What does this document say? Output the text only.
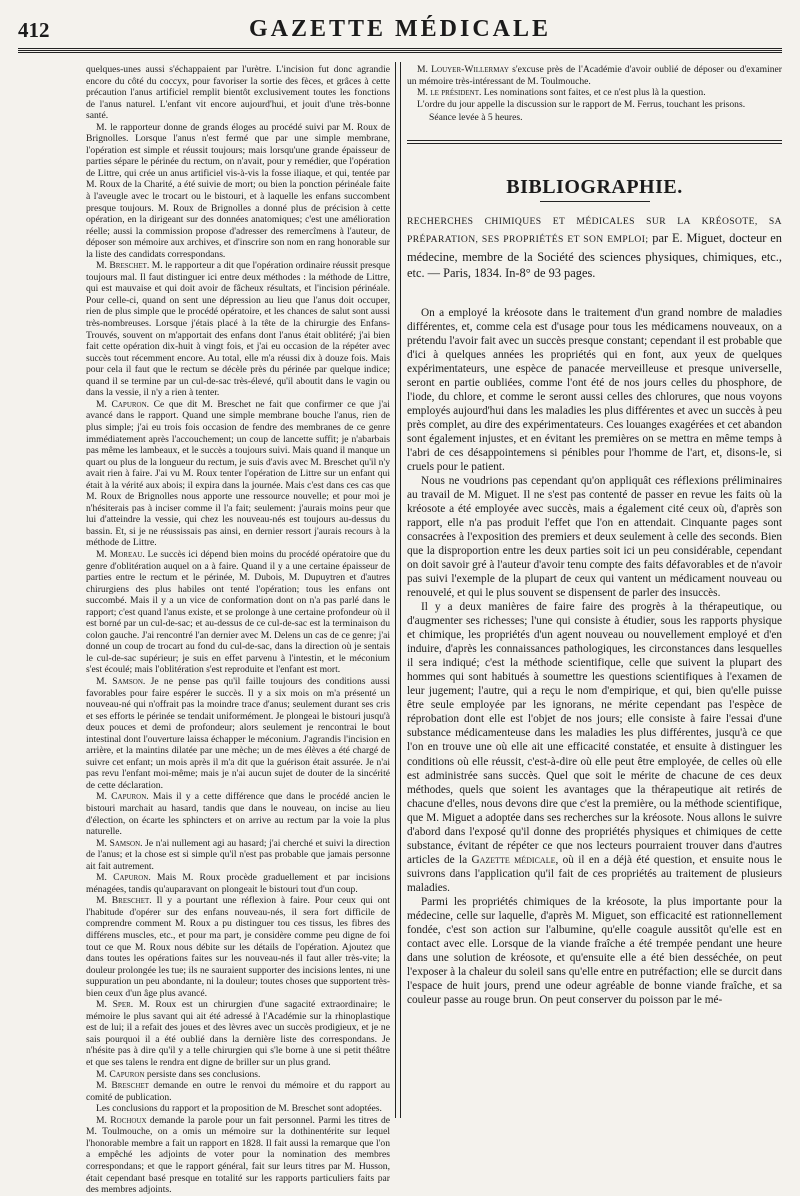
412	GAZETTE MÉDICALE

quelques-unes aussi s'échappaient par l'urètre. L'incision fut donc agrandie encore du côté du coccyx, pour favoriser la sortie des fèces, et grâces à cette précaution l'anus artificiel remplit bientôt exclusivement toutes les fonctions de l'anus naturel. L'enfant vit encore aujourd'hui, et jouit d'une très-bonne santé.

M. le rapporteur donne de grands éloges au procédé suivi par M. Roux de Brignolles. Lorsque l'anus n'est fermé que par une simple membrane, l'opération est simple et réussit toujours; mais lorsqu'une grande épaisseur de parties sépare le périnée du rectum, on n'avait, pour y remédier, que l'opération de Littre, qui crée un anus artificiel vis-à-vis la fosse iliaque, et qui, tentée par M. Roux de la Charité, a été suivie de mort; ou bien la ponction périnéale faite à l'aveugle avec le trocart ou le bistouri, et à laquelle les enfans succombent presque toujours. M. Roux de Brignolles a donné plus de précision à cette opération, en la dirigeant sur des données anatomiques; c'est une amélioration réelle; aussi la commission propose d'adresser des remercîmens à l'auteur, de déposer son mémoire aux archives, et d'inscrire son nom en rang honorable sur la liste des candidats correspondans.

M. Breschet. M. le rapporteur a dit que l'opération ordinaire réussit presque toujours mal. Il faut distinguer ici entre deux méthodes : la méthode de Littre, qui est mauvaise et qui doit avoir de fâcheux résultats, et l'incision périnéale. Pour celle-ci, quand on sent une dépression au lieu que l'anus doit occuper, rien de plus simple que le procédé opératoire, et les chances de salut sont aussi très-nombreuses. Lorsque j'étais placé à la tête de la chirurgie des Enfans-Trouvés, souvent on m'apportait des enfans dont l'anus était oblitéré; j'ai bien fait cette opération dix-huit à vingt fois, et j'ai eu occasion de la répéter avec succès tout récemment encore. Au total, elle m'a réussi dix à douze fois. Mais pour cela il faut que le rectum se décèle près du périnée par quelque indice; quand il se termine par un cul-de-sac très-élevé, qu'il aboutit dans le vagin ou dans la vessie, il n'y a rien à tenter.

M. Capuron. Ce que dit M. Breschet ne fait que confirmer ce que j'ai avancé dans le rapport. Quand une simple membrane bouche l'anus, rien de plus simple; j'ai eu trois fois occasion de fendre des membranes de ce genre immédiatement après l'accouchement; un coup de lancette suffit; je n'abarbais pas même les lambeaux, et le succès a toujours suivi. Mais quand il manque un quart ou plus de la longueur du rectum, je suis d'avis avec M. Breschet qu'il n'y avait rien à faire. J'ai vu M. Roux tenter l'opération de Littre sur un enfant qui était à la vérité aux abois; il expira dans la journée. Mais c'est dans ces cas que M. Roux de Brignolles nous apporte une ressource nouvelle; et pour moi je n'hésiterais pas à inciser comme il l'a fait; seulement: j'aurais moins peur que lui d'atteindre la vessie, qui chez les nouveau-nés est toujours au-dessus du bassin. Et, si je ne réussissais pas ainsi, en dernier ressort j'aurais recours à la méthode de Littre.

M. Moreau. Le succès ici dépend bien moins du procédé opératoire que du genre d'oblitération auquel on a à faire. Quand il y a une certaine épaisseur de parties entre le rectum et le périnée, M. Dubois, M. Dupuytren et d'autres chirurgiens des plus habiles ont tenté l'opération; tous les enfans ont succombé. Mais il y a un vice de conformation dont on n'a pas parlé dans le rapport; c'est quand l'anus existe, et se prolonge à une certaine profondeur où il est borné par un cul-de-sac; et au-dessus de ce cul-de-sac est la terminaison du colon gauche. J'ai rencontré l'an dernier avec M. Delens un cas de ce genre; j'ai donné un coup de trocart au fond du cul-de-sac, dans la direction où je sentais le cul-de-sac supérieur; je suis en effet parvenu à l'intestin, et le méconium s'est écoulé; mais l'oblitération s'est reproduite et l'enfant est mort.

M. Samson. Je ne pense pas qu'il faille toujours des conditions aussi favorables pour faire espérer le succès. Il y a six mois on m'a présenté un nouveau-né qui n'offrait pas la moindre trace d'anus; seulement durant ses cris et ses efforts le périnée se tendait uniformément. Je plongeai le bistouri jusqu'à deux pouces et demi de profondeur; alors seulement je rencontrai le bout intestinal dont l'ouverture laissa échapper le méconium. J'agrandis l'incision en arrière, et la maintins dilatée par une mèche; un de mes élèves a été chargé de suivre cet enfant; un mois après il m'a dit que la guérison était assurée. Je n'ai pas revu l'enfant moi-même; mais je n'ai aucun sujet de douter de la sincérité de cette déclaration.

M. Capuron. Mais il y a cette différence que dans le procédé ancien le bistouri marchait au hasard, tandis que dans le nouveau, on incise au lieu d'élection, on écarte les sphincters et on arrive au rectum par la voie la plus naturelle.

M. Samson. Je n'ai nullement agi au hasard; j'ai cherché et suivi la direction de l'anus; et la chose est si simple qu'il n'est pas probable que jamais personne ait fait autrement.

M. Capuron. Mais M. Roux procède graduellement et par incisions ménagées, tandis qu'auparavant on plongeait le bistouri tout d'un coup.

M. Breschet. Il y a pourtant une réflexion à faire. Pour ceux qui ont l'habitude d'opérer sur des enfans nouveau-nés, il sera fort difficile de comprendre comment M. Roux a pu distinguer tou ces tissus, les fibres des différens muscles, etc., et pour ma part, je considère comme peu digne de foi tout ce que M. Roux nous débite sur les détails de l'opération. Ajoutez que dans toutes les opérations faites sur les nouveau-nés il faut aller très-vite; la douleur prolongée les tue; ils ne sauraient supporter des incisions lentes, ni une suppuration un peu abondante, ni la douleur; toutes choses que supportent très-bien ceux d'un âge plus avancé.

M. Sper. M. Roux est un chirurgien d'une sagacité extraordinaire; le mémoire le plus savant qui ait été adressé à l'Académie sur la rhinoplastique est de lui; il a refait des joues et des lèvres avec un succès prodigieux, et je ne sais pourquoi il a été oublié dans la dernière liste des correspondans. Je n'hésite pas à dire qu'il y a telle chirurgien qui s'le borne à une si petit théâtre et que ses talens le rendra ent digne de briller sur un plus grand.

M. Capuron persiste dans ses conclusions.

M. Breschet demande en outre le renvoi du mémoire et du rapport au comité de publication.

Les conclusions du rapport et la proposition de M. Breschet sont adoptées.

M. Rochoux demande la parole pour un fait personnel. Parmi les titres de M. Toulmouche, on a omis un mémoire sur la dothinentérite sur lequel l'honorable membre a fait un rapport en 1828. Il fait aussi la remarque que l'on a empêché les adjoints de voter pour la nomination des membres correspondans; et que le rapport général, fait sur leurs titres par M. Husson, était cependant basé presque en totalité sur les rapports particuliers faits par des membres adjoints.

M. Louyer-Willermay s'excuse près de l'Académie d'avoir oublié de déposer ou d'examiner un mémoire très-intéressant de M. Toulmouche.

M. le président. Les nominations sont faites, et ce n'est plus là la question.

L'ordre du jour appelle la discussion sur le rapport de M. Ferrus, touchant les prisons.

Séance levée à 5 heures.

BIBLIOGRAPHIE.
RECHERCHES CHIMIQUES ET MÉDICALES SUR LA KRÉOSOTE, SA PRÉPARATION, SES PROPRIÉTÉS ET SON EMPLOI; par E. Miguet, docteur en médecine, membre de la Société des sciences physiques, chimiques, etc., etc. — Paris, 1834. In-8° de 93 pages.

On a employé la kréosote dans le traitement d'un grand nombre de maladies différentes, et, comme cela est d'usage pour tous les médicamens nouveaux, on a prétendu l'avoir fait avec un succès presque constant; cependant il est probable que d'ici à quelques années les propriétés qui en font, aux yeux de quelques expérimentateurs, une espèce de panacée merveilleuse et presque universelle, seront en partie oubliées, comme l'ont été de nos jours celles du phosphore, de l'iode, du chlore, et comme le seront aussi celles des chlorures, que nous voyons employés aujourd'hui dans les maladies les plus différentes et avec un succès à peu près complet, au dire des expérimentateurs. Ces louanges exagérées et cet abandon sont également injustes, et en évitant les premières on se mettra en même temps à l'abri de ces désappointemens si pénibles pour l'homme de l'art, et, disons-le, si cruels pour le patient.

Nous ne voudrions pas cependant qu'on appliquât ces réflexions préliminaires au travail de M. Miguet. Il ne s'est pas contenté de passer en revue les faits où la kréosote a été employée avec succès, mais a également cité ceux où, d'après son rapport, elle n'a pas produit l'effet que l'on en attendait. Cinquante pages sont consacrées à l'exposition des premiers et deux seulement à celle des seconds. Bien que la disproportion entre les deux parties soit ici un peu considérable, cependant on doit savoir gré à l'auteur d'avoir tenu compte des faits défavorables et de n'avoir pas suivi l'exemple de la plupart de ceux qui vantent un médicament nouveau ou renouvelé, et qui le plus souvent se dispensent de parler des insuccès.

Il y a deux manières de faire faire des progrès à la thérapeutique, ou d'augmenter ses richesses; l'une qui consiste à étudier, sous les rapports physique et chimique, les propriétés d'un agent nouveau ou nouvellement employé et d'en induire, d'après les connaissances pathologiques, les circonstances dans lesquelles il sera indiqué; c'est la méthode scientifique, celle que suivent la plupart des hommes qui sont habitués à soumettre les questions scientifiques à l'examen de leur jugement; l'autre, qui a reçu le nom d'empirique, et qui, bien qu'elle puisse être seule employée par les ignorans, ne mérite cependant pas l'espèce de réprobation dont elle est l'objet de nos jours; elle consiste à faire l'essai d'une substance médicamenteuse dans les maladies les plus différentes, jusqu'à ce que l'on en trouve une où elle ait une efficacité constatée, et ensuite à distinguer les conditions où elle réussit, c'est-à-dire où elle peut être employée, de celles où elle est administrée sans succès. Quel que soit le mérite de chacune de ces deux méthodes, quels que soient les avantages que la thérapeutique ait retirés de chacune d'elles, nous devons dire que c'est la première, ou la méthode scientifique, que M. Miguet a adoptée dans ses recherches sur la kréosote. Nous allons le suivre d'abord dans l'exposé qu'il donne des propriétés physiques et chimiques de cette substance, évitant de répéter ce que nos lecteurs pourraient trouver dans d'autres articles de la Gazette médicale, où il en a déjà été question, et ensuite nous le suivrons dans l'application qu'il fait de ces propriétés au traitement de plusieurs maladies.

Parmi les propriétés chimiques de la kréosote, la plus importante pour la médecine, celle sur laquelle, d'après M. Miguet, son efficacité est rationnellement fondée, c'est son action sur l'albumine, qu'elle coagule aussitôt qu'elle est en contact avec elle. Lorsque de la viande fraîche a été trempée pendant une heure dans une solution de kréosote, et qu'ensuite elle a été bien desséchée, on peut l'exposer à la chaleur du soleil sans qu'elle entre en putréfaction; elle se durcit dans l'espace de huit jours, prend une odeur agréable de bonne viande fraîche, et sa couleur passe au rouge brun. On peut conserver du poisson par le mé-
